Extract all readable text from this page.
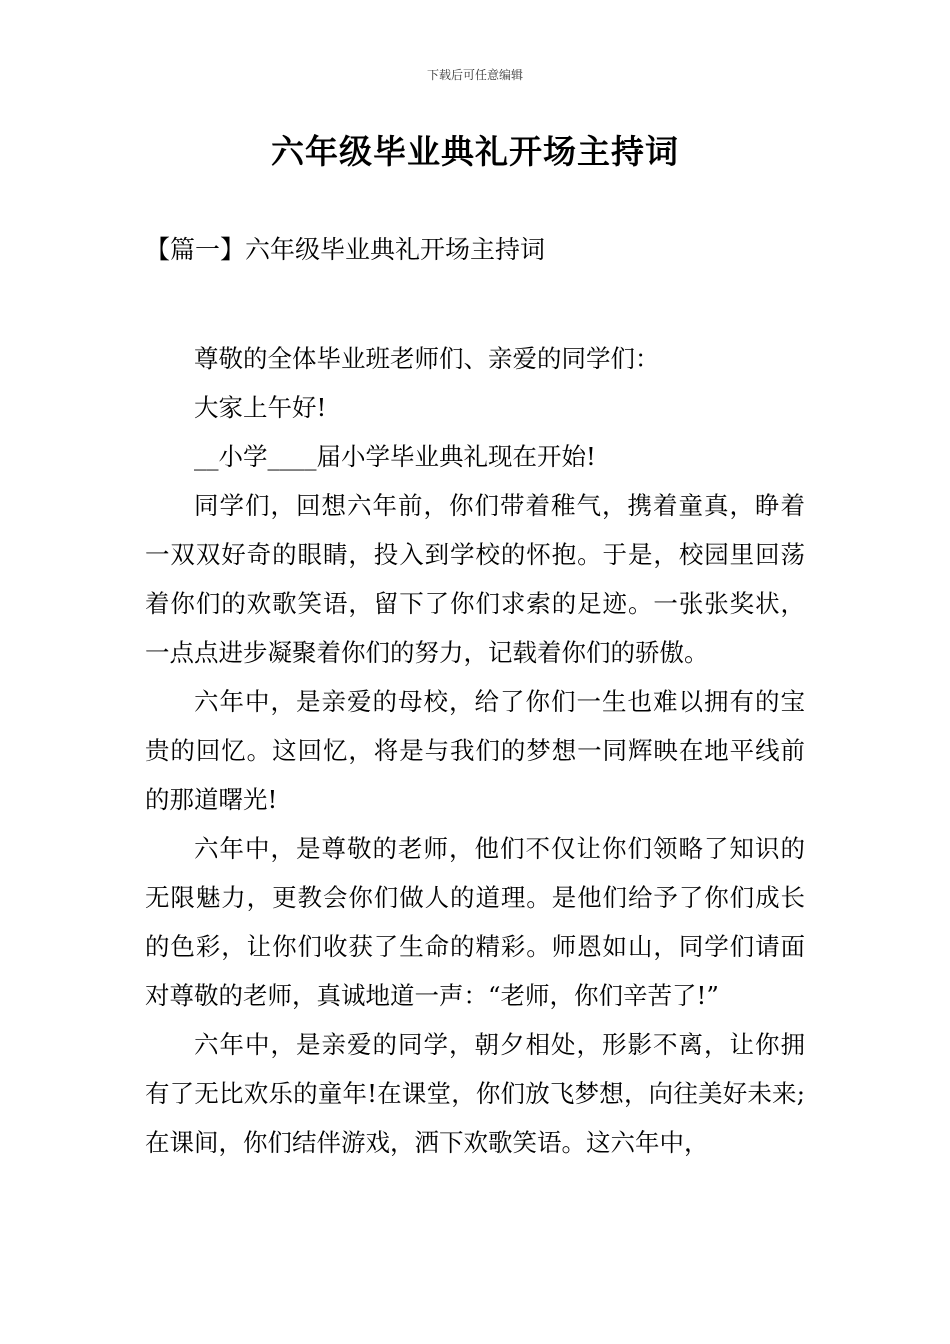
下载后可任意编辑
六年级毕业典礼开场主持词
【篇一】六年级毕业典礼开场主持词

尊敬的全体毕业班老师们、亲爱的同学们：

大家上午好!

__小学____届小学毕业典礼现在开始!

同学们，回想六年前，你们带着稚气，携着童真，睁着一双双好奇的眼睛，投入到学校的怀抱。于是，校园里回荡着你们的欢歌笑语，留下了你们求索的足迹。一张张奖状，一点点进步凝聚着你们的努力，记载着你们的骄傲。

六年中，是亲爱的母校，给了你们一生也难以拥有的宝贵的回忆。这回忆，将是与我们的梦想一同辉映在地平线前的那道曙光!

六年中，是尊敬的老师，他们不仅让你们领略了知识的无限魅力，更教会你们做人的道理。是他们给予了你们成长的色彩，让你们收获了生命的精彩。师恩如山，同学们请面对尊敬的老师，真诚地道一声：“老师，你们辛苦了!”

六年中，是亲爱的同学，朝夕相处，形影不离，让你拥有了无比欢乐的童年!在课堂，你们放飞梦想，向往美好未来;在课间，你们结伴游戏，洒下欢歌笑语。这六年中，
